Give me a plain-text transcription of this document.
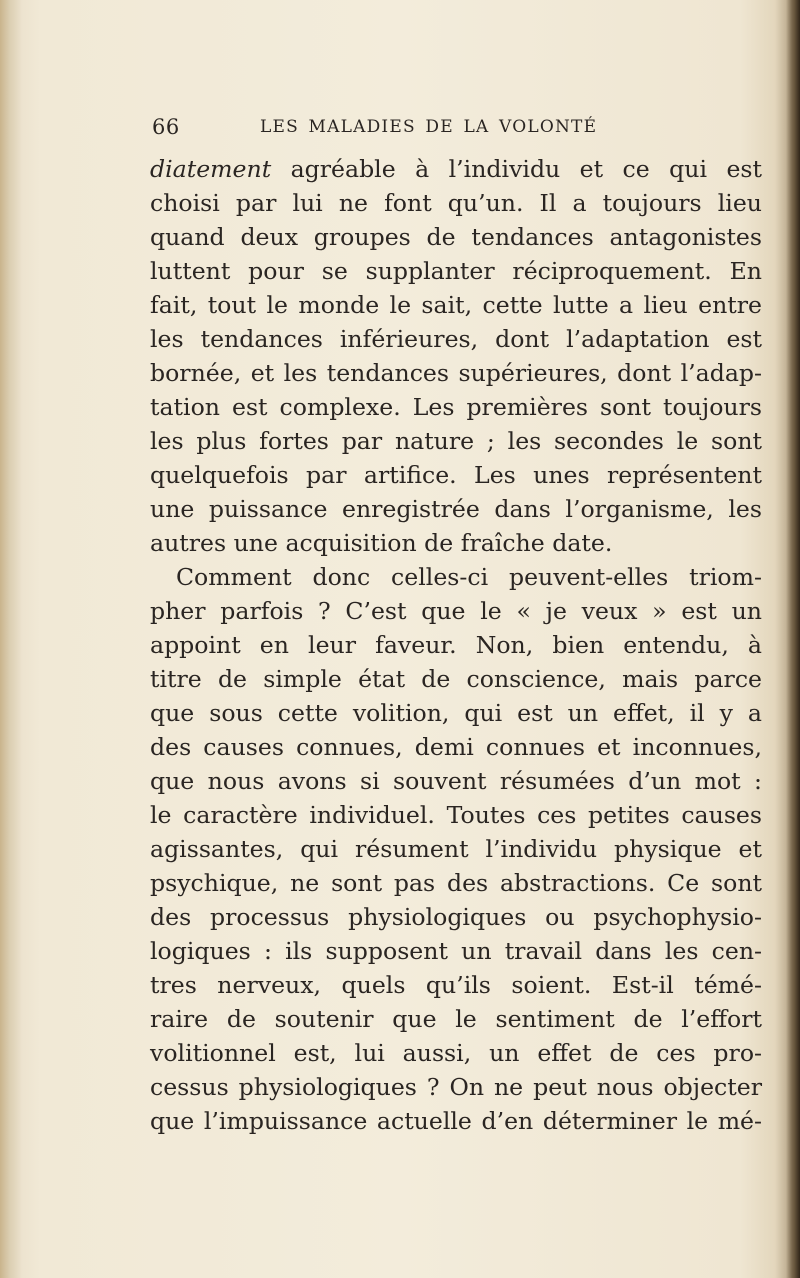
66	LES MALADIES DE LA VOLONTÉ
diatement agréable à l’individu et ce qui est
choisi par lui ne font qu’un. Il a toujours lieu
quand deux groupes de tendances antagonistes
luttent pour se supplanter réciproquement. En
fait, tout le monde le sait, cette lutte a lieu entre
les tendances inférieures, dont l’adaptation est
bornée, et les tendances supérieures, dont l’adap-
tation est complexe. Les premières sont toujours
les plus fortes par nature ; les secondes le sont
quelquefois par artifice. Les unes représentent
une puissance enregistrée dans l’organisme, les
autres une acquisition de fraîche date.
Comment donc celles-ci peuvent-elles triom-
pher parfois ? C’est que le « je veux » est un
appoint en leur faveur. Non, bien entendu, à
titre de simple état de conscience, mais parce
que sous cette volition, qui est un effet, il y a
des causes connues, demi connues et inconnues,
que nous avons si souvent résumées d’un mot :
le caractère individuel. Toutes ces petites causes
agissantes, qui résument l’individu physique et
psychique, ne sont pas des abstractions. Ce sont
des processus physiologiques ou psychophysio-
logiques : ils supposent un travail dans les cen-
tres nerveux, quels qu’ils soient. Est-il témé-
raire de soutenir que le sentiment de l’effort
volitionnel est, lui aussi, un effet de ces pro-
cessus physiologiques ? On ne peut nous objecter
que l’impuissance actuelle d’en déterminer le mé-
